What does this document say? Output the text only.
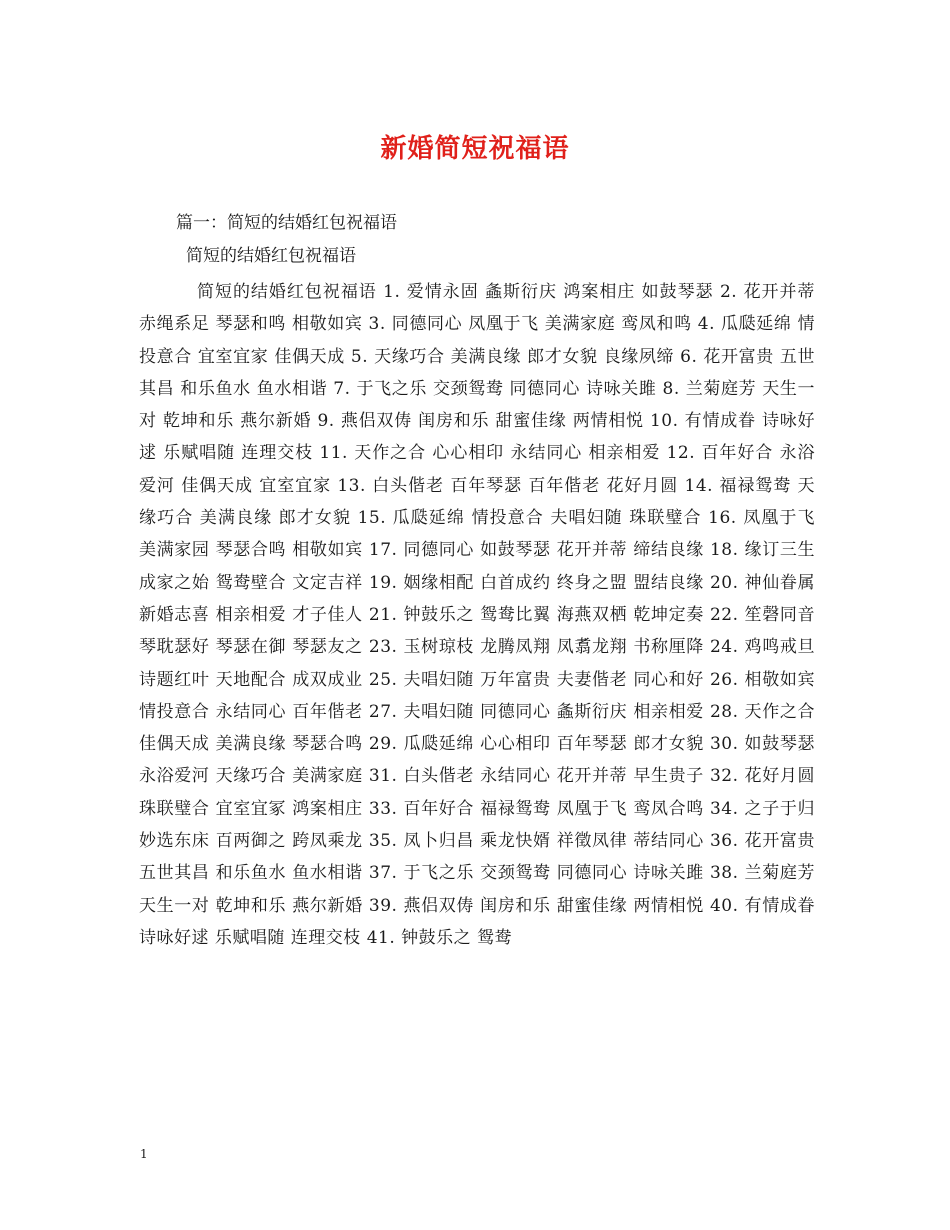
新婚简短祝福语

篇一：简短的结婚红包祝福语

简短的结婚红包祝福语

简短的结婚红包祝福语 1. 爱情永固 螽斯衍庆 鸿案相庄 如鼓琴瑟 2. 花开并蒂 赤绳系足 琴瑟和鸣 相敬如宾 3. 同德同心 凤凰于飞 美满家庭 鸾凤和鸣 4. 瓜瓞延绵 情投意合 宜室宜家 佳偶天成 5. 天缘巧合 美满良缘 郎才女貌 良缘夙缔 6. 花开富贵 五世其昌 和乐鱼水 鱼水相谐 7. 于飞之乐 交颈鸳鸯 同德同心 诗咏关雎 8. 兰菊庭芳 天生一对 乾坤和乐 燕尔新婚 9. 燕侣双俦 闺房和乐 甜蜜佳缘 两情相悦 10. 有情成眷 诗咏好逑 乐赋唱随 连理交枝 11. 天作之合 心心相印 永结同心 相亲相爱 12. 百年好合 永浴爱河 佳偶天成 宜室宜家 13. 白头偕老 百年琴瑟 百年偕老 花好月圆 14. 福禄鸳鸯 天缘巧合 美满良缘 郎才女貌 15. 瓜瓞延绵 情投意合 夫唱妇随 珠联璧合 16. 凤凰于飞 美满家园 琴瑟合鸣 相敬如宾 17. 同德同心 如鼓琴瑟 花开并蒂 缔结良缘 18. 缘订三生 成家之始 鸳鸯壁合 文定吉祥 19. 姻缘相配 白首成约 终身之盟 盟结良缘 20. 神仙眷属 新婚志喜 相亲相爱 才子佳人 21. 钟鼓乐之 鸳鸯比翼 海燕双栖 乾坤定奏 22. 笙磬同音 琴耽瑟好 琴瑟在御 琴瑟友之 23. 玉树琼枝 龙腾凤翔 凤翥龙翔 书称厘降 24. 鸡鸣戒旦 诗题红叶 天地配合 成双成业 25. 夫唱妇随 万年富贵 夫妻偕老 同心和好 26. 相敬如宾 情投意合 永结同心 百年偕老 27. 夫唱妇随 同德同心 螽斯衍庆 相亲相爱 28. 天作之合 佳偶天成 美满良缘 琴瑟合鸣 29. 瓜瓞延绵 心心相印 百年琴瑟 郎才女貌 30. 如鼓琴瑟 永浴爱河 天缘巧合 美满家庭 31. 白头偕老 永结同心 花开并蒂 早生贵子 32. 花好月圆 珠联璧合 宜室宜冢 鸿案相庄 33. 百年好合 福禄鸳鸯 凤凰于飞 鸾凤合鸣 34. 之子于归 妙选东床 百两御之 跨凤乘龙 35. 凤卜归昌 乘龙快婿 祥徵凤律 蒂结同心 36. 花开富贵 五世其昌 和乐鱼水 鱼水相谐 37. 于飞之乐 交颈鸳鸯 同德同心 诗咏关雎 38. 兰菊庭芳 天生一对 乾坤和乐 燕尔新婚 39. 燕侣双俦 闺房和乐 甜蜜佳缘 两情相悦 40. 有情成眷 诗咏好逑 乐赋唱随 连理交枝 41. 钟鼓乐之 鸳鸯

1
